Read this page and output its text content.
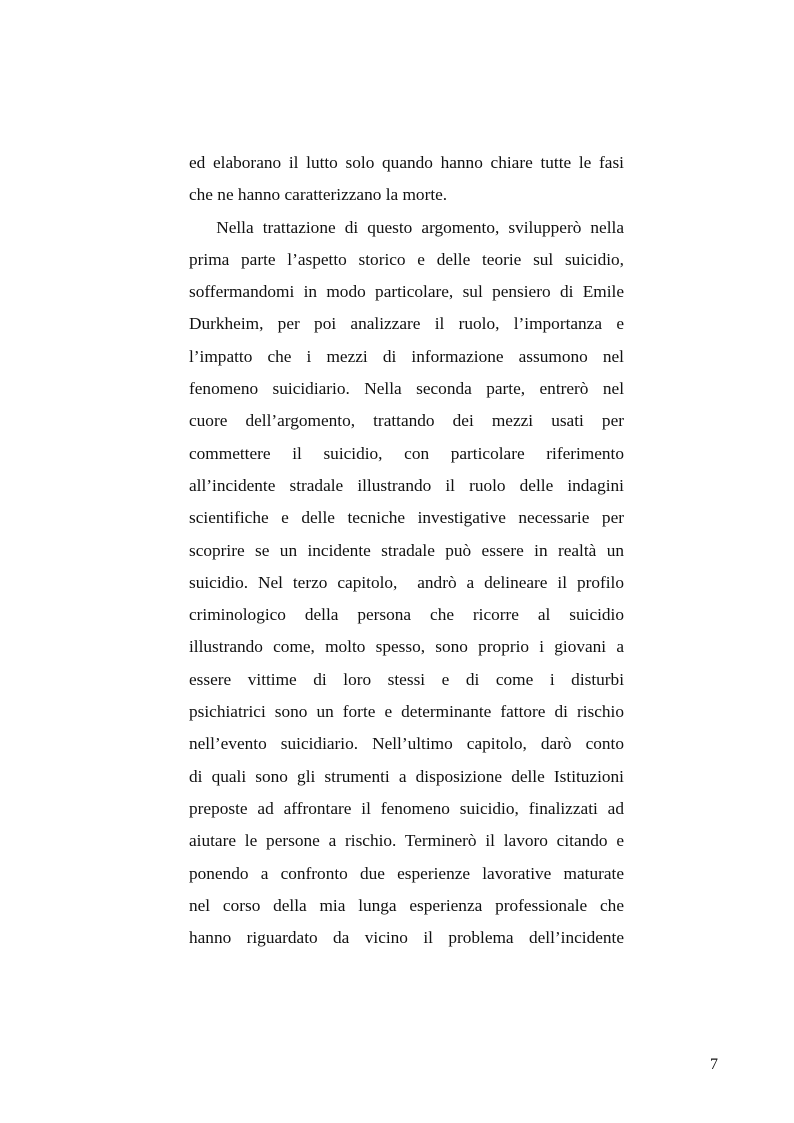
ed elaborano il lutto solo quando hanno chiare tutte le fasi
che ne hanno caratterizzano la morte.
Nella trattazione di questo argomento, svilupperò nella
prima parte l’aspetto storico e delle teorie sul suicidio,
soffermandomi in modo particolare, sul pensiero di Emile
Durkheim, per poi analizzare il ruolo, l’importanza e
l’impatto che i mezzi di informazione assumono nel
fenomeno suicidiario. Nella seconda parte, entrerò nel
cuore dell’argomento, trattando dei mezzi usati per
commettere il suicidio, con particolare riferimento
all’incidente stradale illustrando il ruolo delle indagini
scientifiche e delle tecniche investigative necessarie per
scoprire se un incidente stradale può essere in realtà un
suicidio. Nel terzo capitolo,  andrò a delineare il profilo
criminologico della persona che ricorre al suicidio
illustrando come, molto spesso, sono proprio i giovani a
essere vittime di loro stessi e di come i disturbi
psichiatrici sono un forte e determinante fattore di rischio
nell’evento suicidiario. Nell’ultimo capitolo, darò conto
di quali sono gli strumenti a disposizione delle Istituzioni
preposte ad affrontare il fenomeno suicidio, finalizzati ad
aiutare le persone a rischio. Terminerò il lavoro citando e
ponendo a confronto due esperienze lavorative maturate
nel corso della mia lunga esperienza professionale che
hanno riguardato da vicino il problema dell’incidente
7
